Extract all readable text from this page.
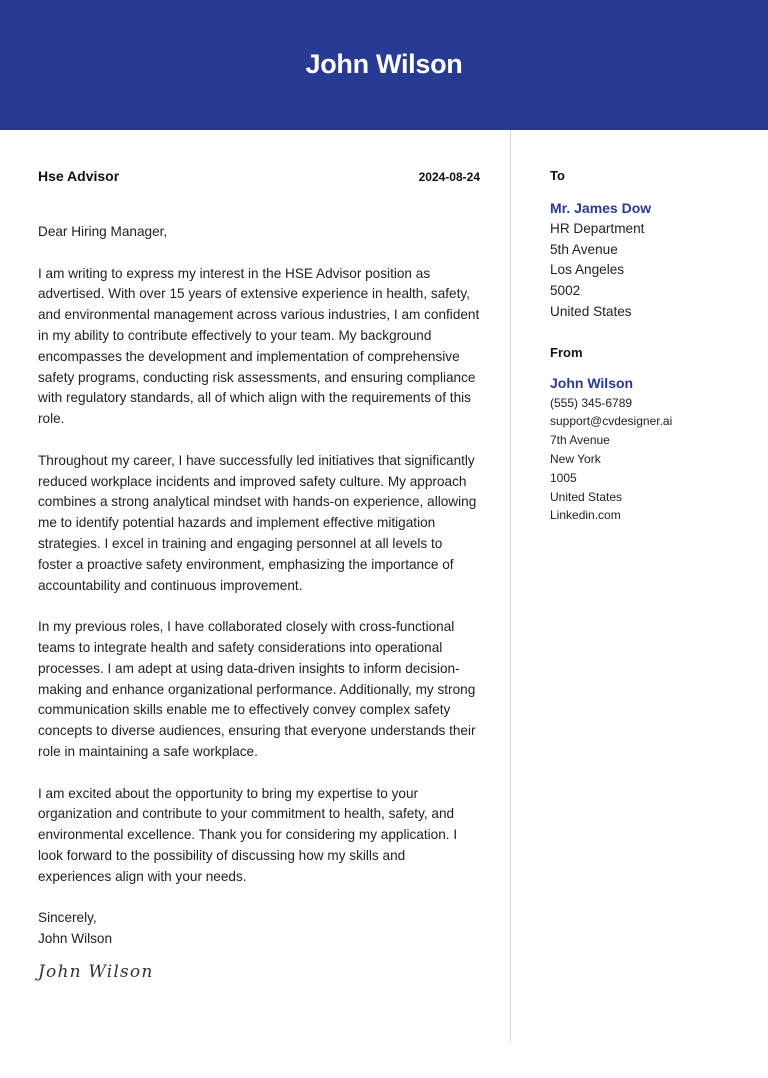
John Wilson
Hse Advisor	2024-08-24

Dear Hiring Manager,

I am writing to express my interest in the HSE Advisor position as advertised. With over 15 years of extensive experience in health, safety, and environmental management across various industries, I am confident in my ability to contribute effectively to your team. My background encompasses the development and implementation of comprehensive safety programs, conducting risk assessments, and ensuring compliance with regulatory standards, all of which align with the requirements of this role.

Throughout my career, I have successfully led initiatives that significantly reduced workplace incidents and improved safety culture. My approach combines a strong analytical mindset with hands-on experience, allowing me to identify potential hazards and implement effective mitigation strategies. I excel in training and engaging personnel at all levels to foster a proactive safety environment, emphasizing the importance of accountability and continuous improvement.

In my previous roles, I have collaborated closely with cross-functional teams to integrate health and safety considerations into operational processes. I am adept at using data-driven insights to inform decision-making and enhance organizational performance. Additionally, my strong communication skills enable me to effectively convey complex safety concepts to diverse audiences, ensuring that everyone understands their role in maintaining a safe workplace.

I am excited about the opportunity to bring my expertise to your organization and contribute to your commitment to health, safety, and environmental excellence. Thank you for considering my application. I look forward to the possibility of discussing how my skills and experiences align with your needs.

Sincerely,

John Wilson

John Wilson

To
Mr. James Dow
HR Department
5th Avenue
Los Angeles
5002
United States
From
John Wilson
(555) 345-6789
support@cvdesigner.ai
7th Avenue
New York
1005
United States
Linkedin.com
